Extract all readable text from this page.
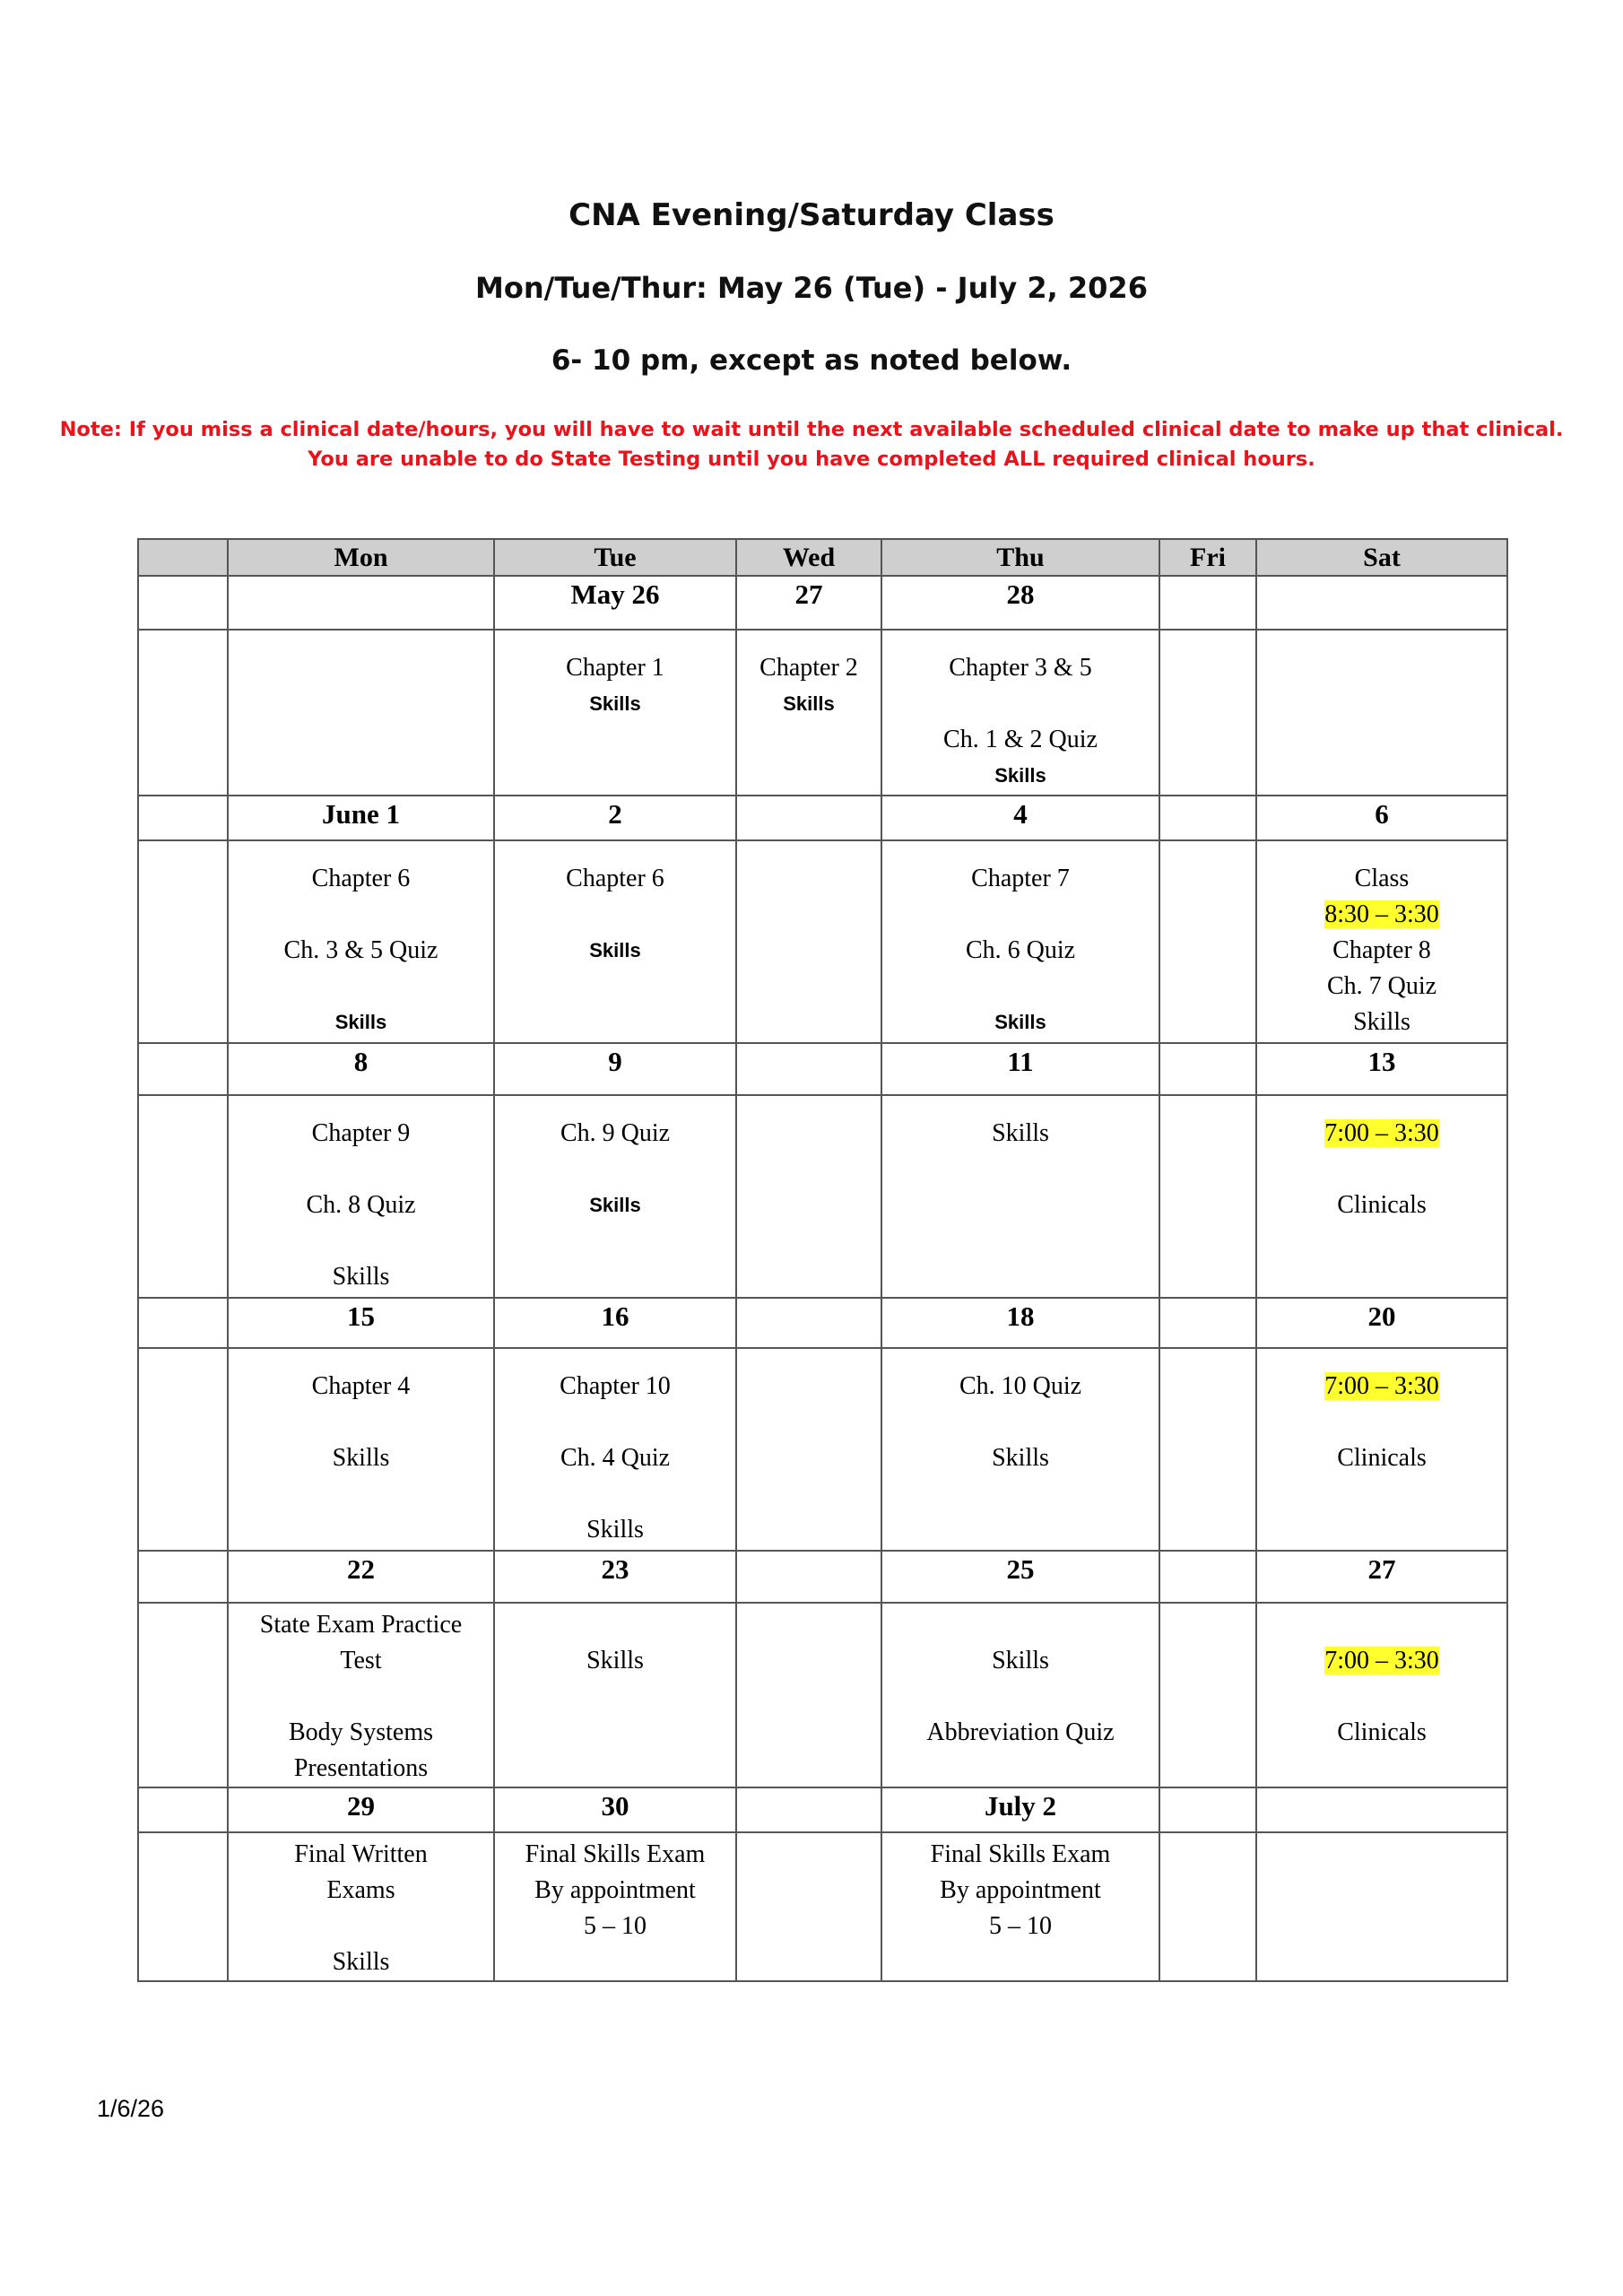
CNA Evening/Saturday Class
Mon/Tue/Thur: May 26 (Tue) - July 2, 2026
6- 10 pm, except as noted below.
Note: If you miss a clinical date/hours, you will have to wait until the next available scheduled clinical date to make up that clinical.
You are unable to do State Testing until you have completed ALL required clinical hours.
	Mon	Tue	Wed	Thu	Fri	Sat
		May 26	27	28		

		Chapter 1
Skills	Chapter 2
Skills	Chapter 3 & 5
Ch. 1 & 2 Quiz
Skills		

	June 1	2		4		6

	Chapter 6
Ch. 3 & 5 Quiz
Skills	Chapter 6
Skills		Chapter 7
Ch. 6 Quiz
Skills		Class
8:30 – 3:30
Chapter 8
Ch. 7 Quiz
Skills

	8	9		11		13

	Chapter 9
Ch. 8 Quiz
Skills	Ch. 9 Quiz
Skills		Skills		7:00 – 3:30
Clinicals

	15	16		18		20

	Chapter 4
Skills	Chapter 10
Ch. 4 Quiz
Skills		Ch. 10 Quiz
Skills		7:00 – 3:30
Clinicals

	22	23		25		27

	State Exam Practice
Test
Body Systems
Presentations	Skills		Skills
Abbreviation Quiz		7:00 – 3:30
Clinicals

	29	30		July 2		

	Final Written
Exams
Skills	Final Skills Exam
By appointment
5 – 10		Final Skills Exam
By appointment
5 – 10		

1/6/26
